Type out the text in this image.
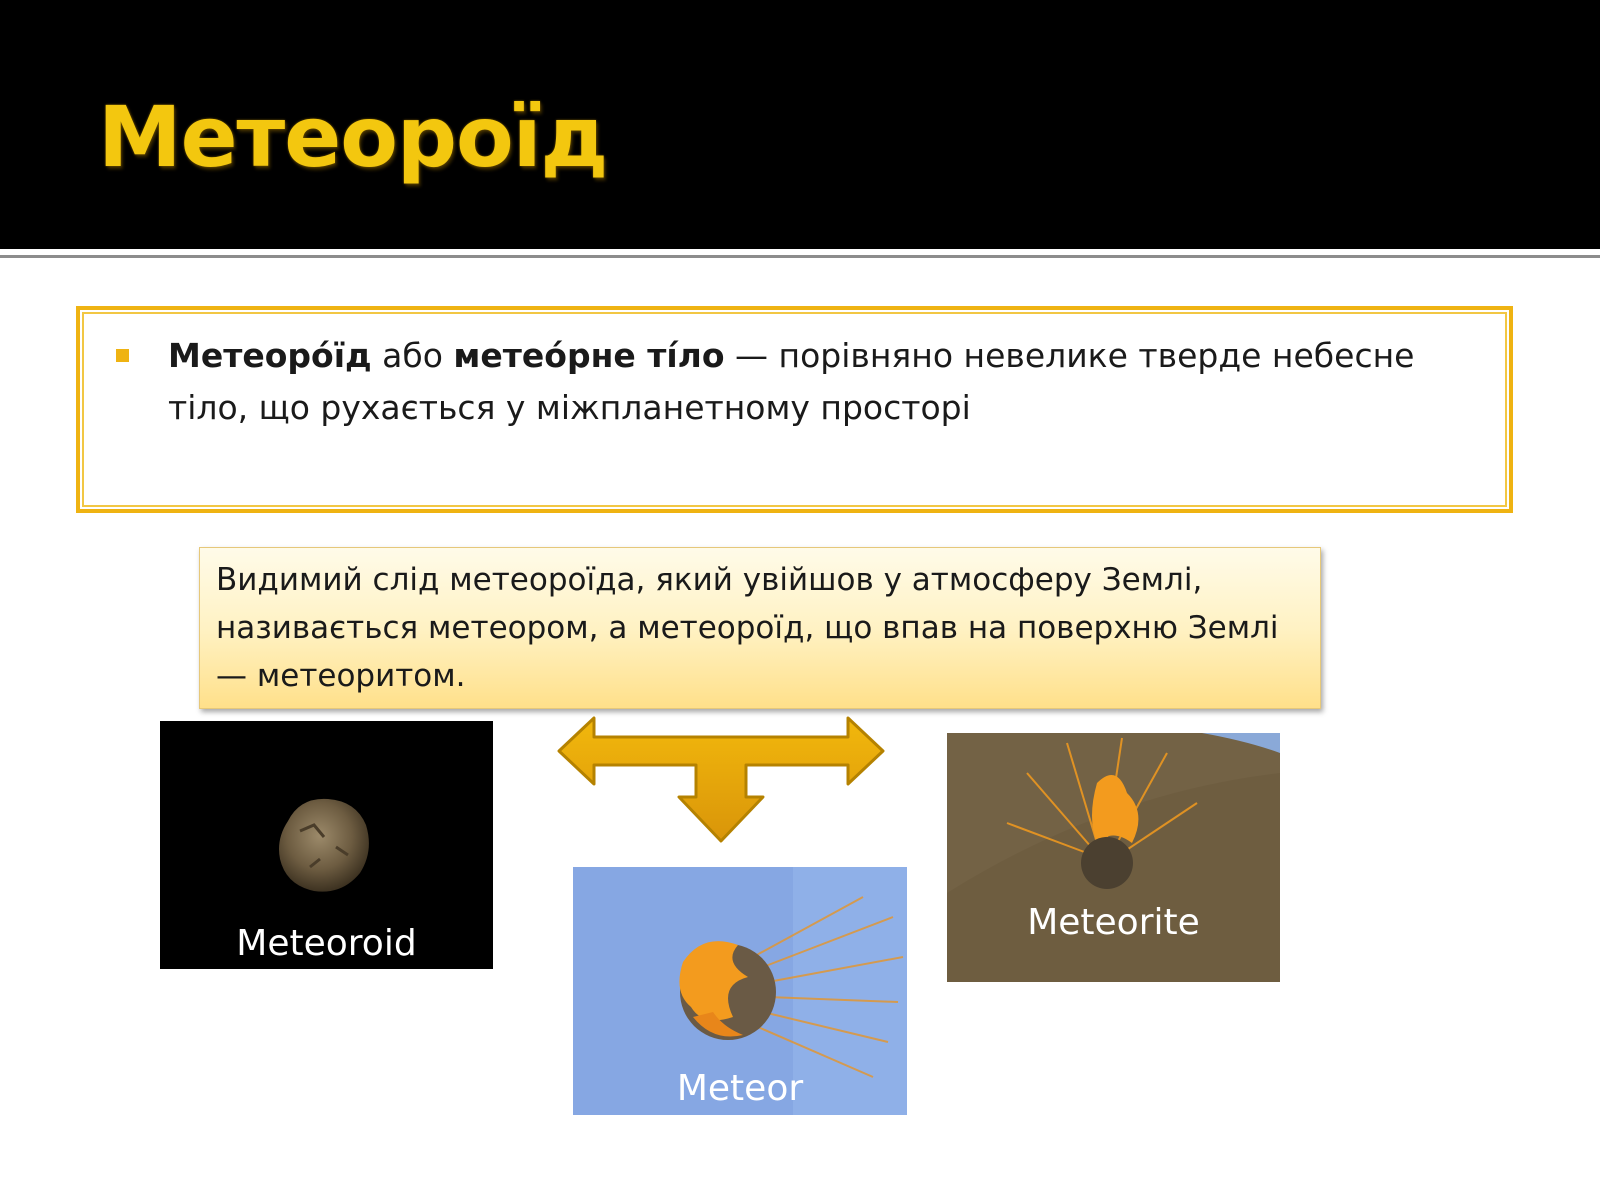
Метеороїд
Метеоро́їд або метео́рне ті́ло — порівняно невелике тверде небесне тіло, що рухається у міжпланетному просторі
Видимий слід метеороїда, який увійшов у атмосферу Землі, називається метеором, а метеороїд, що впав на поверхню Землі — метеоритом.
Meteoroid
Meteor
Meteorite
